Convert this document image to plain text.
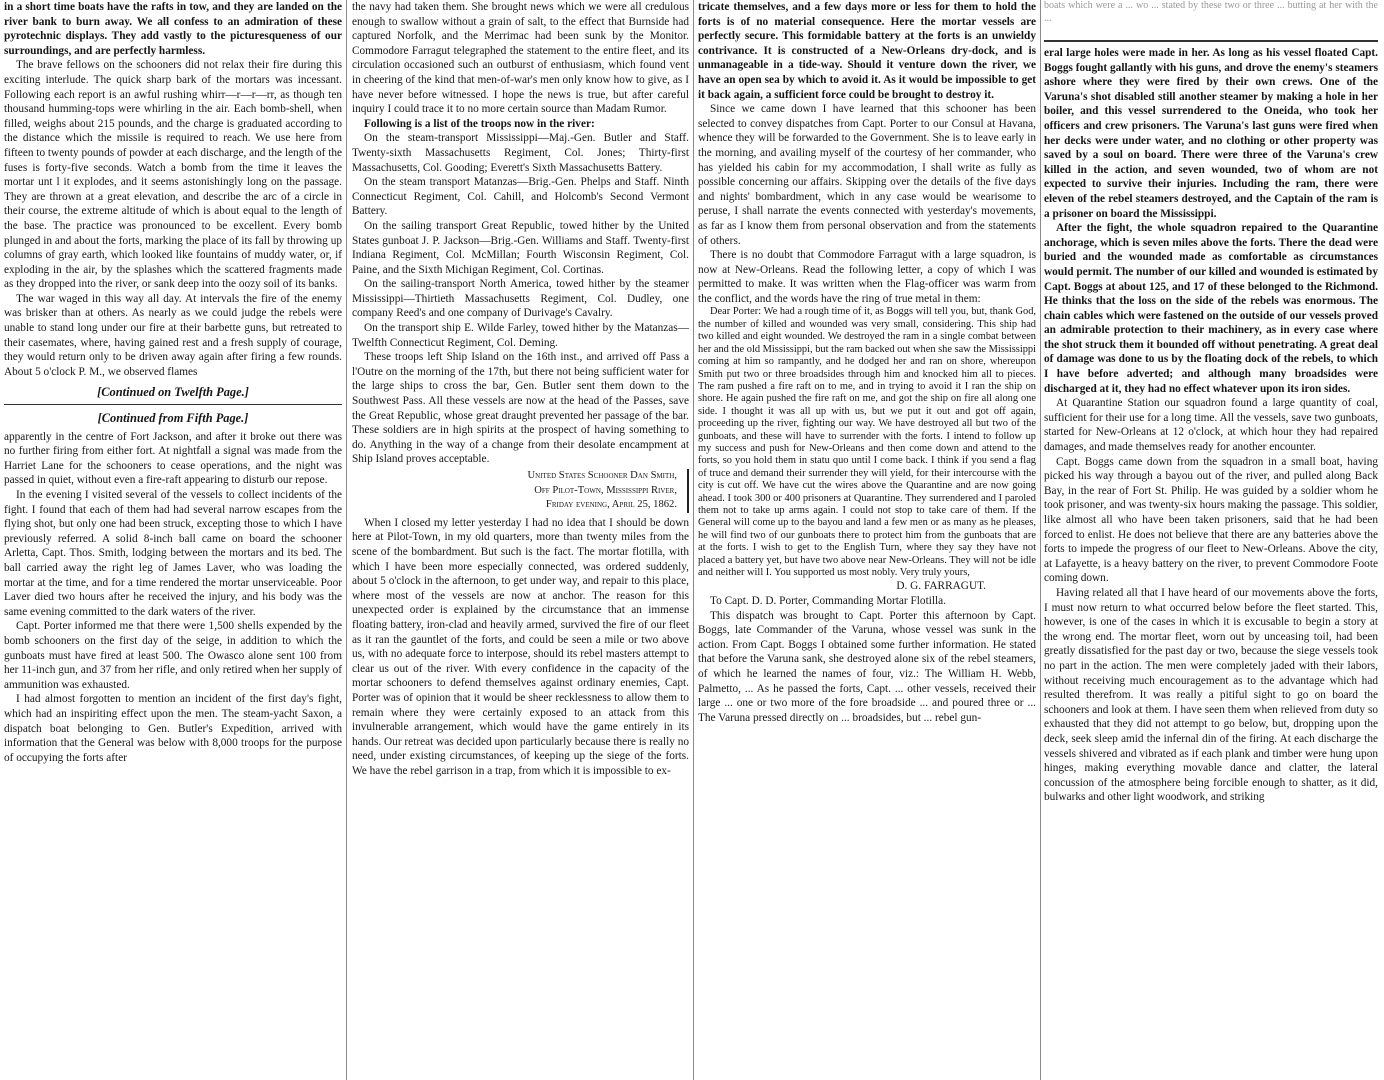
in a short time boats have the rafts in tow, and they are landed on the river bank to burn away. We all confess to an admiration of these pyrotechnic displays. They add vastly to the picturesqueness of our surroundings, and are perfectly harmless.

The brave fellows on the schooners did not relax their fire during this exciting interlude. The quick sharp bark of the mortars was incessant. Following each report is an awful rushing whirr—r—r—rr, as though ten thousand humming-tops were whirling in the air. Each bomb-shell, when filled, weighs about 215 pounds, and the charge is graduated according to the distance which the missile is required to reach. We use here from fifteen to twenty pounds of powder at each discharge, and the length of the fuses is forty-five seconds. Watch a bomb from the time it leaves the mortar unt l it explodes, and it seems astonishingly long on the passage. They are thrown at a great elevation, and describe the arc of a circle in their course, the extreme altitude of which is about equal to the length of the base. The practice was pronounced to be excellent. Every bomb plunged in and about the forts, marking the place of its fall by throwing up columns of gray earth, which looked like fountains of muddy water, or, if exploding in the air, by the splashes which the scattered fragments made as they dropped into the river, or sank deep into the oozy soil of its banks.

The war waged in this way all day. At intervals the fire of the enemy was brisker than at others. As nearly as we could judge the rebels were unable to stand long under our fire at their barbette guns, but retreated to their casemates, where, having gained rest and a fresh supply of courage, they would return only to be driven away again after firing a few rounds. About 5 o'clock P. M., we observed flames

[Continued on Twelfth Page.]
[Continued from Fifth Page.]

apparently in the centre of Fort Jackson, and after it broke out there was no further firing from either fort. At nightfall a signal was made from the Harriet Lane for the schooners to cease operations, and the night was passed in quiet, without even a fire-raft appearing to disturb our repose.

In the evening I visited several of the vessels to collect incidents of the fight. I found that each of them had had several narrow escapes from the flying shot, but only one had been struck, excepting those to which I have previously referred. A solid 8-inch ball came on board the schooner Arletta, Capt. Thos. Smith, lodging between the mortars and its bed. The ball carried away the right leg of James Laver, who was loading the mortar at the time, and for a time rendered the mortar unserviceable. Poor Laver died two hours after he received the injury, and his body was the same evening committed to the dark waters of the river.

Capt. Porter informed me that there were 1,500 shells expended by the bomb schooners on the first day of the seige, in addition to which the gunboats must have fired at least 500. The Owasco alone sent 100 from her 11-inch gun, and 37 from her rifle, and only retired when her supply of ammunition was exhausted.

I had almost forgotten to mention an incident of the first day's fight, which had an inspiriting effect upon the men. The steam-yacht Saxon, a dispatch boat belonging to Gen. Butler's Expedition, arrived with information that the General was below with 8,000 troops for the purpose of occupying the forts after

the navy had taken them. She brought news which we were all credulous enough to swallow without a grain of salt, to the effect that Burnside had captured Norfolk, and the Merrimac had been sunk by the Monitor. Commodore Farragut telegraphed the statement to the entire fleet, and its circulation occasioned such an outburst of enthusiasm, which found vent in cheering of the kind that men-of-war's men only know how to give, as I have never before witnessed. I hope the news is true, but after careful inquiry I could trace it to no more certain source than Madam Rumor.

Following is a list of the troops now in the river:

On the steam-transport Mississippi—Maj.-Gen. Butler and Staff. Twenty-sixth Massachusetts Regiment, Col. Jones; Thirty-first Massachusetts, Col. Gooding; Everett's Sixth Massachusetts Battery.

On the steam transport Matanzas—Brig.-Gen. Phelps and Staff. Ninth Connecticut Regiment, Col. Cahill, and Holcomb's Second Vermont Battery.

On the sailing transport Great Republic, towed hither by the United States gunboat J. P. Jackson—Brig.-Gen. Williams and Staff. Twenty-first Indiana Regiment, Col. McMillan; Fourth Wisconsin Regiment, Col. Paine, and the Sixth Michigan Regiment, Col. Cortinas.

On the sailing-transport North America, towed hither by the steamer Mississippi—Thirtieth Massachusetts Regiment, Col. Dudley, one company Reed's and one company of Durivage's Cavalry.

On the transport ship E. Wilde Farley, towed hither by the Matanzas—Twelfth Connecticut Regiment, Col. Deming.

These troops left Ship Island on the 16th inst., and arrived off Pass a l'Outre on the morning of the 17th, but there not being sufficient water for the large ships to cross the bar, Gen. Butler sent them down to the Southwest Pass. All these vessels are now at the head of the Passes, save the Great Republic, whose great draught prevented her passage of the bar. These soldiers are in high spirits at the prospect of having something to do. Anything in the way of a change from their desolate encampment at Ship Island proves acceptable.

United States Schooner Dan Smith,
Off Pilot-Town, Mississippi River,
Friday evening, April 25, 1862.

When I closed my letter yesterday I had no idea that I should be down here at Pilot-Town, in my old quarters, more than twenty miles from the scene of the bombardment. But such is the fact. The mortar flotilla, with which I have been more especially connected, was ordered suddenly, about 5 o'clock in the afternoon, to get under way, and repair to this place, where most of the vessels are now at anchor. The reason for this unexpected order is explained by the circumstance that an immense floating battery, iron-clad and heavily armed, survived the fire of our fleet as it ran the gauntlet of the forts, and could be seen a mile or two above us, with no adequate force to interpose, should its rebel masters attempt to clear us out of the river. With every confidence in the capacity of the mortar schooners to defend themselves against ordinary enemies, Capt. Porter was of opinion that it would be sheer recklessness to allow them to remain where they were certainly exposed to an attack from this invulnerable arrangement, which would have the game entirely in its hands. Our retreat was decided upon particularly because there is really no need, under existing circumstances, of keeping up the siege of the forts. We have the rebel garrison in a trap, from which it is impossible to ex-

tricate themselves, and a few days more or less for them to hold the forts is of no material consequence. Here the mortar vessels are perfectly secure. This formidable battery at the forts is an unwieldy contrivance. It is constructed of a New-Orleans dry-dock, and is unmanageable in a tide-way. Should it venture down the river, we have an open sea by which to avoid it. As it would be impossible to get it back again, a sufficient force could be brought to destroy it.

Since we came down I have learned that this schooner has been selected to convey dispatches from Capt. Porter to our Consul at Havana, whence they will be forwarded to the Government. She is to leave early in the morning, and availing myself of the courtesy of her commander, who has yielded his cabin for my accommodation, I shall write as fully as possible concerning our affairs. Skipping over the details of the five days and nights' bombardment, which in any case would be wearisome to peruse, I shall narrate the events connected with yesterday's movements, as far as I know them from personal observation and from the statements of others.

There is no doubt that Commodore Farragut with a large squadron, is now at New-Orleans. Read the following letter, a copy of which I was permitted to make. It was written when the Flag-officer was warm from the conflict, and the words have the ring of true metal in them:

Dear Porter: We had a rough time of it, as Boggs will tell you, but, thank God, the number of killed and wounded was very small, considering. This ship had two killed and eight wounded. We destroyed the ram in a single combat between her and the old Mississippi, but the ram backed out when she saw the Mississippi coming at him so rampantly, and he dodged her and ran on shore, whereupon Smith put two or three broadsides through him and knocked him all to pieces. The ram pushed a fire raft on to me, and in trying to avoid it I ran the ship on shore. He again pushed the fire raft on me, and got the ship on fire all along one side. I thought it was all up with us, but we put it out and got off again, proceeding up the river, fighting our way. We have destroyed all but two of the gunboats, and these will have to surrender with the forts. I intend to follow up my success and push for New-Orleans and then come down and attend to the forts, so you hold them in statu quo until I come back. I think if you send a flag of truce and demand their surrender they will yield, for their intercourse with the city is cut off. We have cut the wires above the Quarantine and are now going ahead. I took 300 or 400 prisoners at Quarantine. They surrendered and I paroled them not to take up arms again. I could not stop to take care of them. If the General will come up to the bayou and land a few men or as many as he pleases, he will find two of our gunboats there to protect him from the gunboats that are at the forts. I wish to get to the English Turn, where they say they have not placed a battery yet, but have two above near New-Orleans. They will not be idle and neither will I. You supported us most nobly. Very truly yours,

D. G. FARRAGUT.

To Capt. D. D. Porter, Commanding Mortar Flotilla.

This dispatch was brought to Capt. Porter this afternoon by Capt. Boggs, late Commander of the Varuna, whose vessel was sunk in the action. From Capt. Boggs I obtained some further information. He stated that before the Varuna sank, she destroyed alone six of the rebel steamers, of which he learned the names of four, viz.: The William H. Webb, Palmetto, ... As he passed the forts, Capt. ... other vessels, received their large ... one or two more of the fore broadside ... and poured three or ... The Varuna pressed directly on ... broadsides, but ... rebel gun-

boats which were a ... wo ... stated by these two or three ... butting at her with the ...

eral large holes were made in her. As long as his vessel floated Capt. Boggs fought gallantly with his guns, and drove the enemy's steamers ashore where they were fired by their own crews. One of the Varuna's shot disabled still another steamer by making a hole in her boiler, and this vessel surrendered to the Oneida, who took her officers and crew prisoners. The Varuna's last guns were fired when her decks were under water, and no clothing or other property was saved by a soul on board. There were three of the Varuna's crew killed in the action, and seven wounded, two of whom are not expected to survive their injuries. Including the ram, there were eleven of the rebel steamers destroyed, and the Captain of the ram is a prisoner on board the Mississippi.

After the fight, the whole squadron repaired to the Quarantine anchorage, which is seven miles above the forts. There the dead were buried and the wounded made as comfortable as circumstances would permit. The number of our killed and wounded is estimated by Capt. Boggs at about 125, and 17 of these belonged to the Richmond. He thinks that the loss on the side of the rebels was enormous. The chain cables which were fastened on the outside of our vessels proved an admirable protection to their machinery, as in every case where the shot struck them it bounded off without penetrating. A great deal of damage was done to us by the floating dock of the rebels, to which I have before adverted; and although many broadsides were discharged at it, they had no effect whatever upon its iron sides.

At Quarantine Station our squadron found a large quantity of coal, sufficient for their use for a long time. All the vessels, save two gunboats, started for New-Orleans at 12 o'clock, at which hour they had repaired damages, and made themselves ready for another encounter.

Capt. Boggs came down from the squadron in a small boat, having picked his way through a bayou out of the river, and pulled along Back Bay, in the rear of Fort St. Philip. He was guided by a soldier whom he took prisoner, and was twenty-six hours making the passage. This soldier, like almost all who have been taken prisoners, said that he had been forced to enlist. He does not believe that there are any batteries above the forts to impede the progress of our fleet to New-Orleans. Above the city, at Lafayette, is a heavy battery on the river, to prevent Commodore Foote coming down.

Having related all that I have heard of our movements above the forts, I must now return to what occurred below before the fleet started. This, however, is one of the cases in which it is excusable to begin a story at the wrong end. The mortar fleet, worn out by unceasing toil, had been greatly dissatisfied for the past day or two, because the siege vessels took no part in the action. The men were completely jaded with their labors, without receiving much encouragement as to the advantage which had resulted therefrom. It was really a pitiful sight to go on board the schooners and look at them. I have seen them when relieved from duty so exhausted that they did not attempt to go below, but, dropping upon the deck, seek sleep amid the infernal din of the firing. At each discharge the vessels shivered and vibrated as if each plank and timber were hung upon hinges, making everything movable dance and clatter, the lateral concussion of the atmosphere being forcible enough to shatter, as it did, bulwarks and other light woodwork, and striking
